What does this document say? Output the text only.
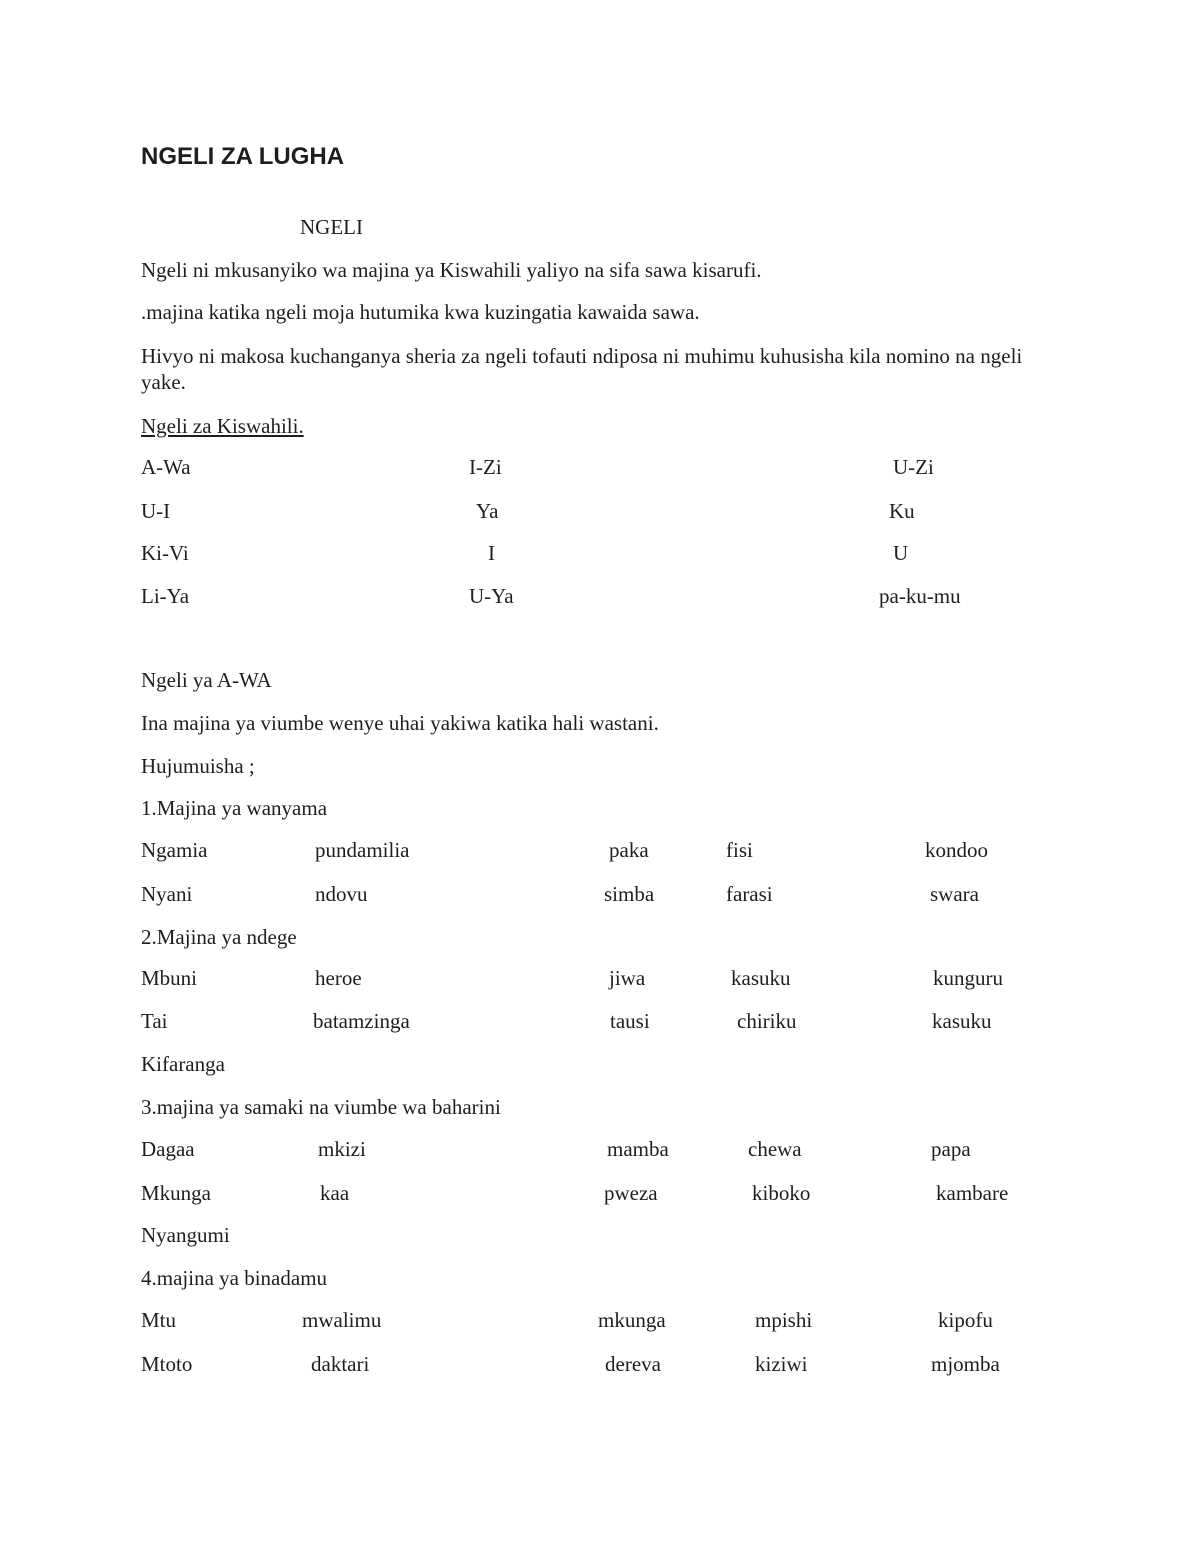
NGELI ZA LUGHA
NGELI
Ngeli ni mkusanyiko wa majina ya Kiswahili yaliyo na sifa sawa kisarufi.
.majina katika ngeli moja hutumika kwa kuzingatia kawaida sawa.
Hivyo ni makosa kuchanganya sheria za ngeli tofauti ndiposa ni muhimu kuhusisha kila nomino na ngeli yake.
Ngeli za Kiswahili.
A-Wa	I-Zi	U-Zi
U-I	Ya	Ku
Ki-Vi	I	U
Li-Ya	U-Ya	pa-ku-mu
Ngeli ya A-WA
Ina majina ya viumbe wenye uhai yakiwa katika hali wastani.
Hujumuisha ;
1.Majina ya wanyama
Ngamia	pundamilia	paka	fisi	kondoo
Nyani	ndovu	simba	farasi	swara
2.Majina ya ndege
Mbuni	heroe	jiwa	kasuku	kunguru
Tai	batamzinga	tausi	chiriku	kasuku
Kifaranga
3.majina ya samaki na viumbe wa baharini
Dagaa	mkizi	mamba	chewa	papa
Mkunga	kaa	pweza	kiboko	kambare
Nyangumi
4.majina ya binadamu
Mtu	mwalimu	mkunga	mpishi	kipofu
Mtoto	daktari	dereva	kiziwi	mjomba
